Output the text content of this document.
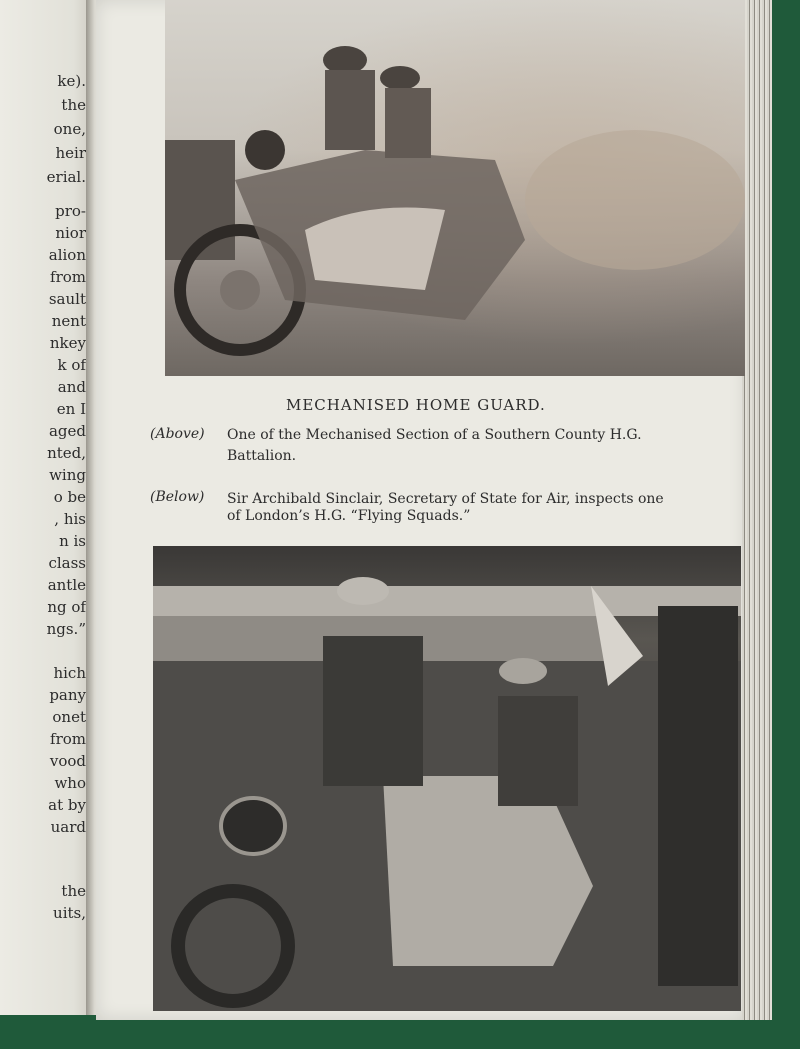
ke).
the
one,
heir
erial.
pro-
nior
alion
from
sault
nent
nkey
k of
and
en I
aged
nted,
wing
o be
, his
n is
class
antle
ng of
ngs.”
hich
pany
onet
from
vood
who
at by
uard
the
uits,
MECHANISED HOME GUARD.
(Above) One of the Mechanised Section of a Southern County H.G.
Battalion.
(Below) Sir Archibald Sinclair, Secretary of State for Air, inspects one
of London’s H.G. “Flying Squads.”
